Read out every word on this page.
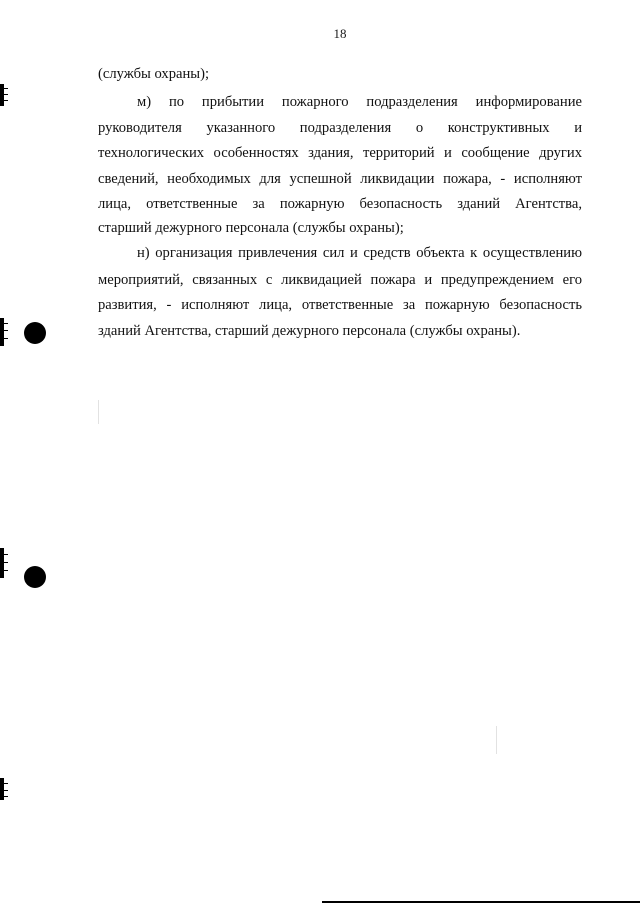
18
(службы охраны);
м) по прибытии пожарного подразделения информирование
руководителя указанного подразделения о конструктивных и
технологических особенностях здания, территорий и сообщение других
сведений, необходимых для успешной ликвидации пожара, - исполняют
лица, ответственные за пожарную безопасность зданий Агентства,
старший дежурного персонала (службы охраны);
н) организация привлечения сил и средств объекта к осуществлению
мероприятий, связанных с ликвидацией пожара и предупреждением его
развития, - исполняют лица, ответственные за пожарную безопасность
зданий Агентства, старший дежурного персонала (службы охраны).
